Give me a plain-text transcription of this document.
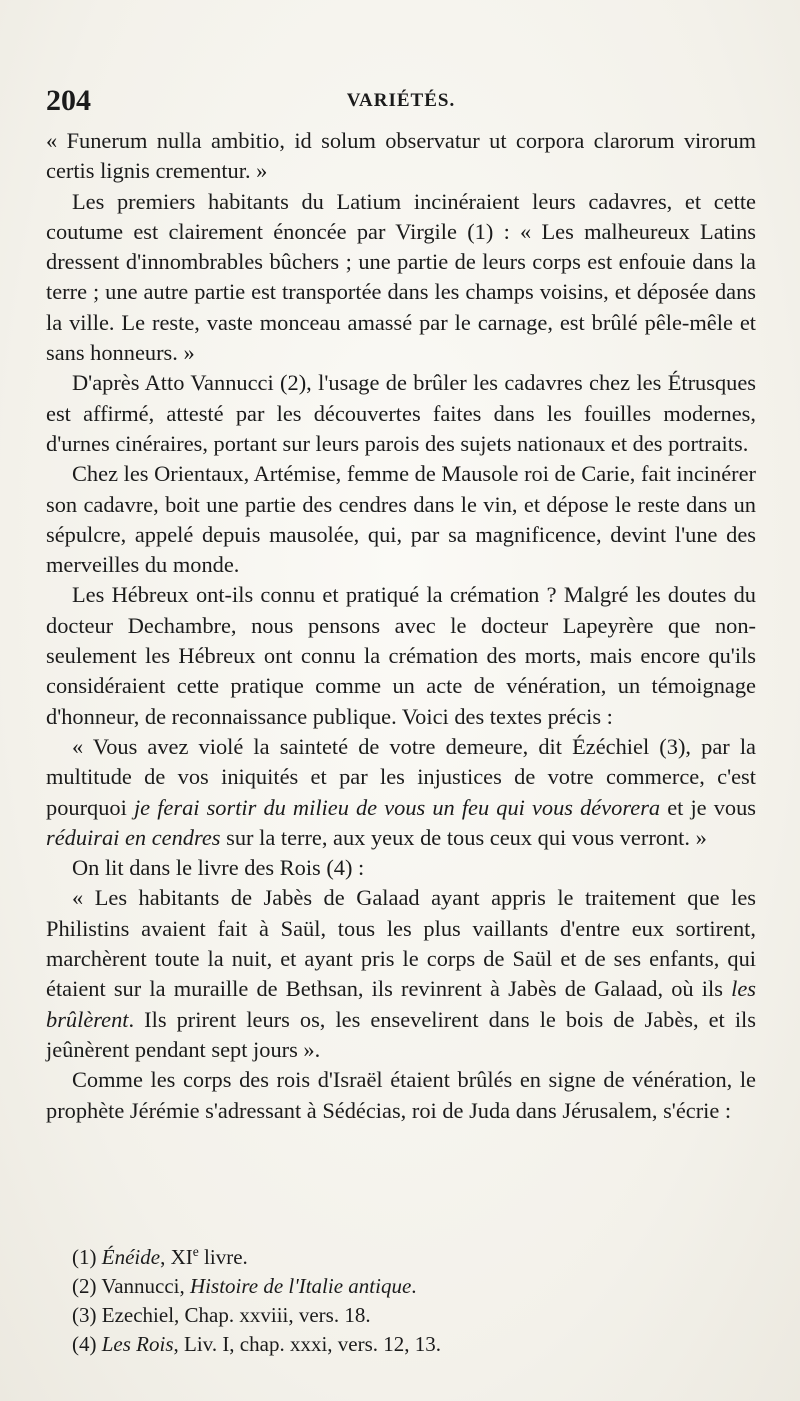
204	VARIÉTÉS.

« Funerum nulla ambitio, id solum observatur ut corpora clarorum virorum certis lignis crementur. »

Les premiers habitants du Latium incinéraient leurs cadavres, et cette coutume est clairement énoncée par Virgile (1) : « Les malheureux Latins dressent d'innombrables bûchers ; une partie de leurs corps est enfouie dans la terre ; une autre partie est transportée dans les champs voisins, et déposée dans la ville. Le reste, vaste monceau amassé par le carnage, est brûlé pêle-mêle et sans honneurs. »

D'après Atto Vannucci (2), l'usage de brûler les cadavres chez les Étrusques est affirmé, attesté par les découvertes faites dans les fouilles modernes, d'urnes cinéraires, portant sur leurs parois des sujets nationaux et des portraits.

Chez les Orientaux, Artémise, femme de Mausole roi de Carie, fait incinérer son cadavre, boit une partie des cendres dans le vin, et dépose le reste dans un sépulcre, appelé depuis mausolée, qui, par sa magnificence, devint l'une des merveilles du monde.

Les Hébreux ont-ils connu et pratiqué la crémation ? Malgré les doutes du docteur Dechambre, nous pensons avec le docteur Lapeyrère que non-seulement les Hébreux ont connu la crémation des morts, mais encore qu'ils considéraient cette pratique comme un acte de vénération, un témoignage d'honneur, de reconnaissance publique. Voici des textes précis :

« Vous avez violé la sainteté de votre demeure, dit Ézéchiel (3), par la multitude de vos iniquités et par les injustices de votre commerce, c'est pourquoi je ferai sortir du milieu de vous un feu qui vous dévorera et je vous réduirai en cendres sur la terre, aux yeux de tous ceux qui vous verront. »

On lit dans le livre des Rois (4) :

« Les habitants de Jabès de Galaad ayant appris le traitement que les Philistins avaient fait à Saül, tous les plus vaillants d'entre eux sortirent, marchèrent toute la nuit, et ayant pris le corps de Saül et de ses enfants, qui étaient sur la muraille de Bethsan, ils revinrent à Jabès de Galaad, où ils les brûlèrent. Ils prirent leurs os, les ensevelirent dans le bois de Jabès, et ils jeûnèrent pendant sept jours ».

Comme les corps des rois d'Israël étaient brûlés en signe de vénération, le prophète Jérémie s'adressant à Sédécias, roi de Juda dans Jérusalem, s'écrie :

(1) Énéide, XIe livre.
(2) Vannucci, Histoire de l'Italie antique.
(3) Ezechiel, Chap. xxviii, vers. 18.
(4) Les Rois, Liv. I, chap. xxxi, vers. 12, 13.
